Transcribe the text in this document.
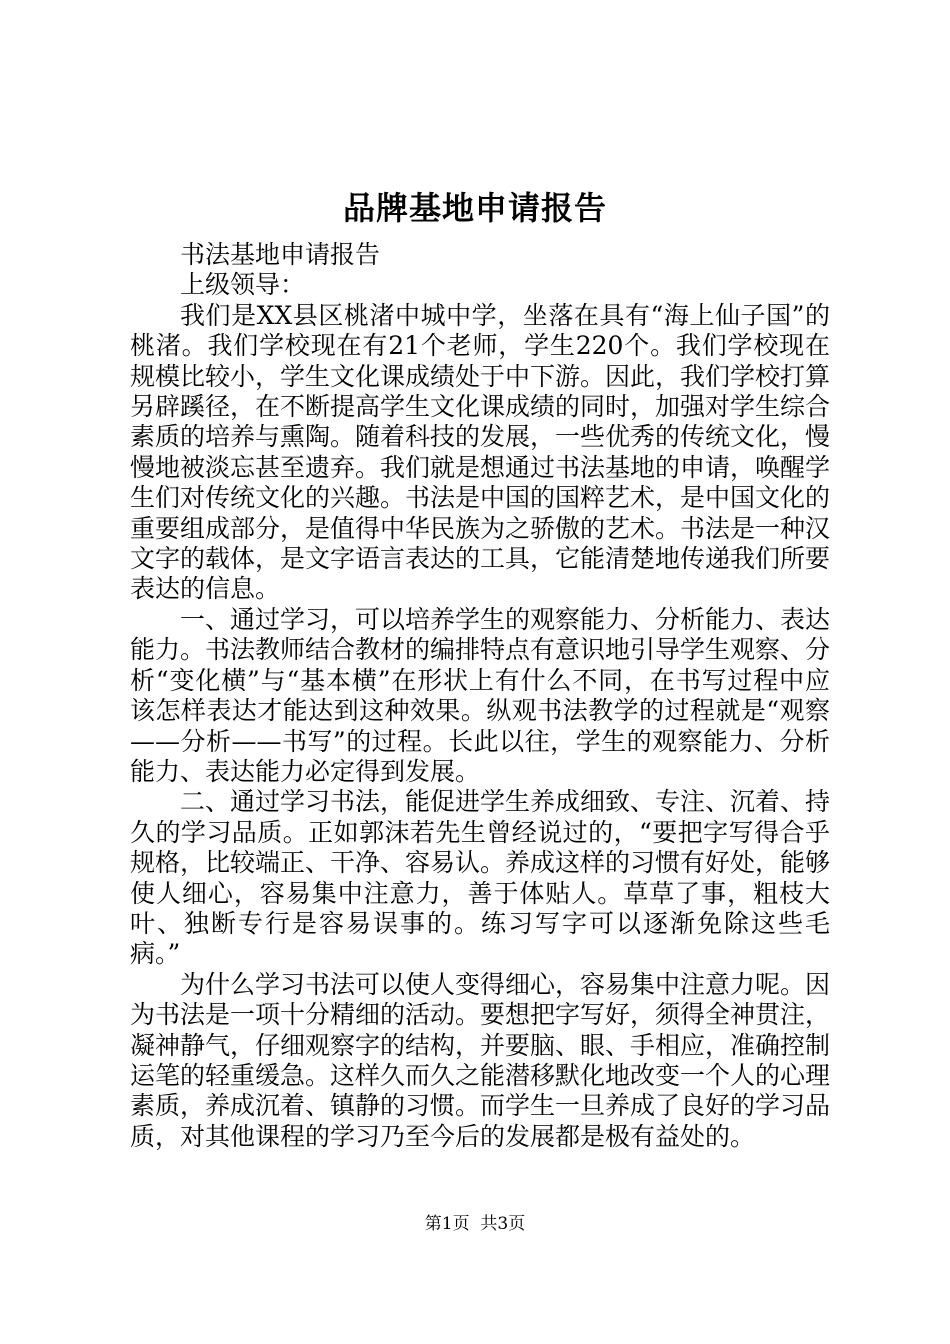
品牌基地申请报告

书法基地申请报告

上级领导：

我们是XX县区桃渚中城中学，坐落在具有“海上仙子国”的桃渚。我们学校现在有21个老师，学生220个。我们学校现在规模比较小，学生文化课成绩处于中下游。因此，我们学校打算另辟蹊径，在不断提高学生文化课成绩的同时，加强对学生综合素质的培养与熏陶。随着科技的发展，一些优秀的传统文化，慢慢地被淡忘甚至遗弃。我们就是想通过书法基地的申请，唤醒学生们对传统文化的兴趣。书法是中国的国粹艺术，是中国文化的重要组成部分，是值得中华民族为之骄傲的艺术。书法是一种汉文字的载体，是文字语言表达的工具，它能清楚地传递我们所要表达的信息。

一、通过学习，可以培养学生的观察能力、分析能力、表达能力。书法教师结合教材的编排特点有意识地引导学生观察、分析“变化横”与“基本横”在形状上有什么不同，在书写过程中应该怎样表达才能达到这种效果。纵观书法教学的过程就是“观察——分析——书写”的过程。长此以往，学生的观察能力、分析能力、表达能力必定得到发展。

二、通过学习书法，能促进学生养成细致、专注、沉着、持久的学习品质。正如郭沫若先生曾经说过的，“要把字写得合乎规格，比较端正、干净、容易认。养成这样的习惯有好处，能够使人细心，容易集中注意力，善于体贴人。草草了事，粗枝大叶、独断专行是容易误事的。练习写字可以逐渐免除这些毛病。”

为什么学习书法可以使人变得细心，容易集中注意力呢。因为书法是一项十分精细的活动。要想把字写好，须得全神贯注，凝神静气，仔细观察字的结构，并要脑、眼、手相应，准确控制运笔的轻重缓急。这样久而久之能潜移默化地改变一个人的心理素质，养成沉着、镇静的习惯。而学生一旦养成了良好的学习品质，对其他课程的学习乃至今后的发展都是极有益处的。

第1页 共3页
